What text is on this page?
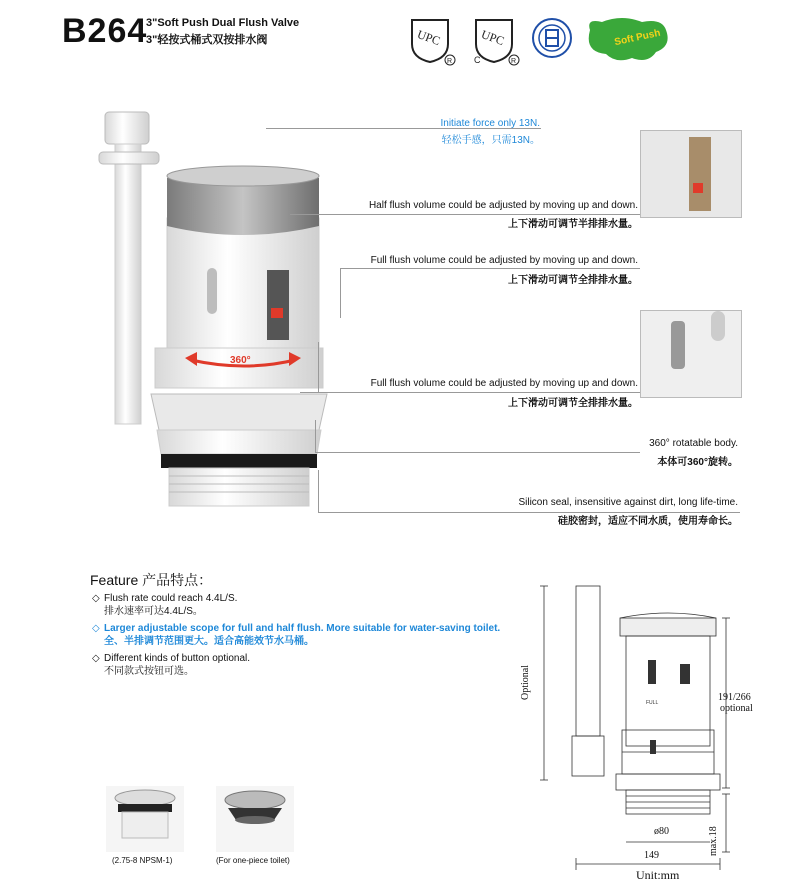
B264
3"Soft Push Dual Flush Valve
3"轻按式桶式双按排水阀	UPC
R
UPC
C	R
Soft Push
360°
Initiate force only 13N.
轻松手感，只需13N。
Half flush volume could be adjusted by moving up and down.
上下滑动可调节半排排水量。
Full flush volume could be adjusted by moving up and down.
上下滑动可调节全排排水量。
Full flush volume could be adjusted by moving up and down.
上下滑动可调节全排排水量。
360° rotatable body.
本体可360°旋转。
Silicon seal, insensitive against dirt, long life-time.
硅胶密封，适应不同水质，使用寿命长。
Feature 产品特点：
◇ Flush rate could reach 4.4L/S.
排水速率可达4.4L/S。
◇ Larger adjustable scope for full and half flush. More suitable for water-saving toilet.
全、半排调节范围更大。适合高能效节水马桶。
◇ Different kinds of button optional.
不同款式按钮可选。
(2.75-8 NPSM-1)	(For one-piece toilet)
FULL
Optional	191/266
optional
ø80
149	max.18
Unit:mm
